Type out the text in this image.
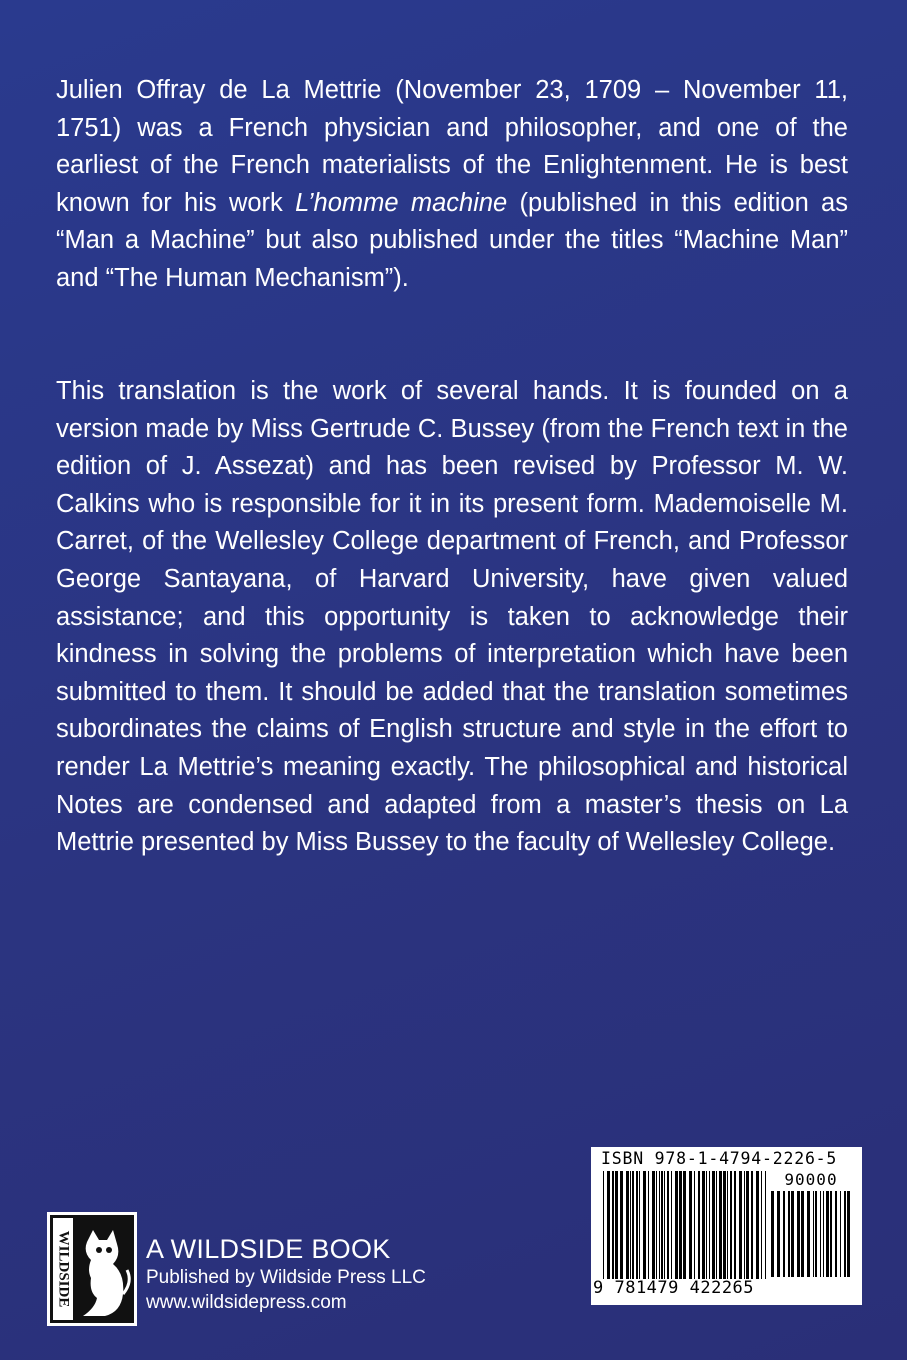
Julien Offray de La Mettrie (November 23, 1709 – November 11, 1751) was a French physician and philosopher, and one of the earliest of the French materialists of the Enlightenment. He is best known for his work L’homme machine (published in this edition as “Man a Machine” but also published under the titles “Machine Man” and “The Human Mechanism”).

This translation is the work of several hands. It is founded on a version made by Miss Gertrude C. Bussey (from the French text in the edition of J. Assezat) and has been revised by Professor M. W. Calkins who is responsible for it in its present form. Mademoiselle M. Carret, of the Wellesley College department of French, and Professor George Santayana, of Harvard University, have given valued assistance; and this opportunity is taken to acknowledge their kindness in solving the problems of interpretation which have been submitted to them. It should be added that the translation sometimes subordinates the claims of English structure and style in the effort to render La Mettrie’s meaning exactly. The philosophical and historical Notes are condensed and adapted from a master’s thesis on La Mettrie presented by Miss Bussey to the faculty of Wellesley College.

WILDSIDE	A WILDSIDE BOOK
Published by Wildside Press LLC
www.wildsidepress.com
ISBN 978-1-4794-2226-5
90000
9 781479 422265
